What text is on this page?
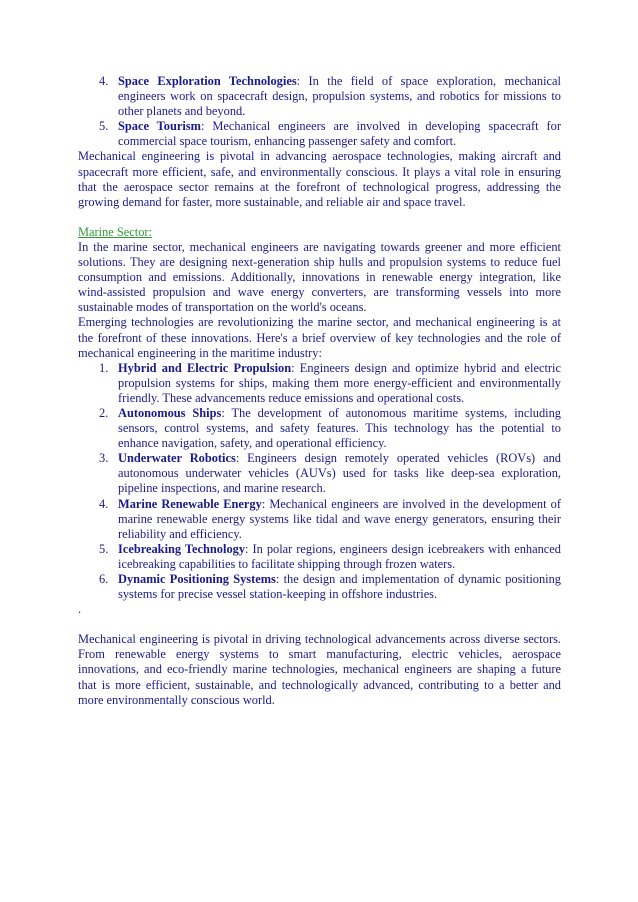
4. Space Exploration Technologies: In the field of space exploration, mechanical engineers work on spacecraft design, propulsion systems, and robotics for missions to other planets and beyond.
5. Space Tourism: Mechanical engineers are involved in developing spacecraft for commercial space tourism, enhancing passenger safety and comfort.

Mechanical engineering is pivotal in advancing aerospace technologies, making aircraft and spacecraft more efficient, safe, and environmentally conscious. It plays a vital role in ensuring that the aerospace sector remains at the forefront of technological progress, addressing the growing demand for faster, more sustainable, and reliable air and space travel.

Marine Sector:

In the marine sector, mechanical engineers are navigating towards greener and more efficient solutions. They are designing next-generation ship hulls and propulsion systems to reduce fuel consumption and emissions. Additionally, innovations in renewable energy integration, like wind-assisted propulsion and wave energy converters, are transforming vessels into more sustainable modes of transportation on the world's oceans.

Emerging technologies are revolutionizing the marine sector, and mechanical engineering is at the forefront of these innovations. Here's a brief overview of key technologies and the role of mechanical engineering in the maritime industry:

1. Hybrid and Electric Propulsion: Engineers design and optimize hybrid and electric propulsion systems for ships, making them more energy-efficient and environmentally friendly. These advancements reduce emissions and operational costs.
2. Autonomous Ships: The development of autonomous maritime systems, including sensors, control systems, and safety features. This technology has the potential to enhance navigation, safety, and operational efficiency.
3. Underwater Robotics: Engineers design remotely operated vehicles (ROVs) and autonomous underwater vehicles (AUVs) used for tasks like deep-sea exploration, pipeline inspections, and marine research.
4. Marine Renewable Energy: Mechanical engineers are involved in the development of marine renewable energy systems like tidal and wave energy generators, ensuring their reliability and efficiency.
5. Icebreaking Technology: In polar regions, engineers design icebreakers with enhanced icebreaking capabilities to facilitate shipping through frozen waters.
6. Dynamic Positioning Systems: the design and implementation of dynamic positioning systems for precise vessel station-keeping in offshore industries.

.

Mechanical engineering is pivotal in driving technological advancements across diverse sectors. From renewable energy systems to smart manufacturing, electric vehicles, aerospace innovations, and eco-friendly marine technologies, mechanical engineers are shaping a future that is more efficient, sustainable, and technologically advanced, contributing to a better and more environmentally conscious world.
